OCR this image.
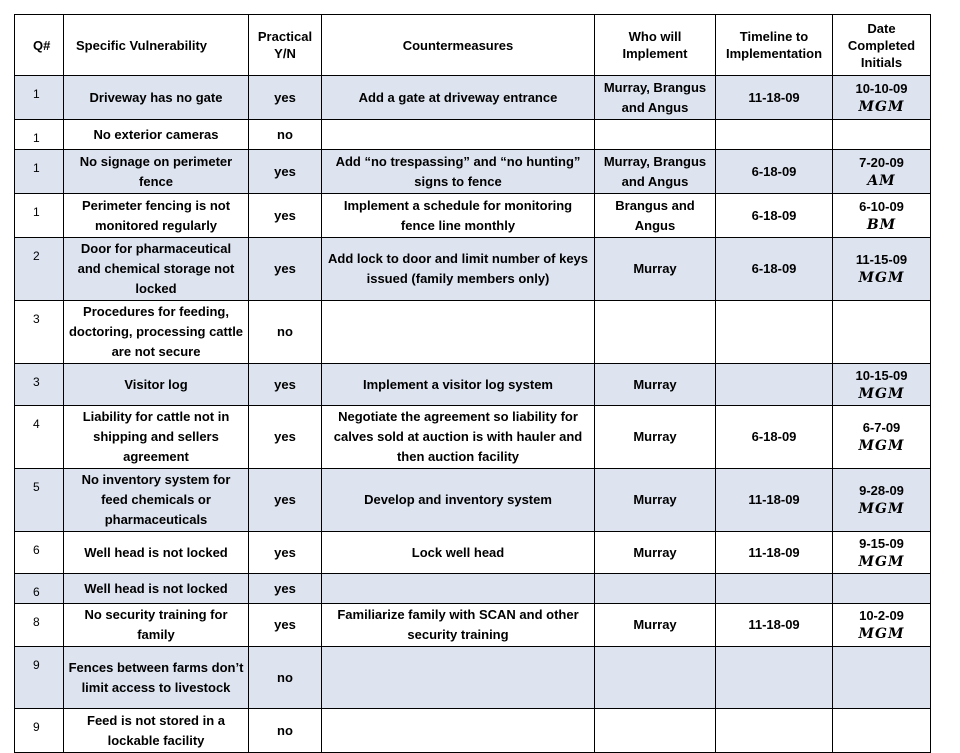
Q#	Specific Vulnerability	Practical Y/N	Countermeasures	Who will Implement	Timeline to Implementation	Date Completed Initials
1	Driveway has no gate	yes	Add a gate at driveway entrance	Murray, Brangus and Angus	11-18-09	10-10-09
MGM

1	No exterior cameras	no				

1	No signage on perimeter fence	yes	Add “no trespassing” and “no hunting” signs to fence	Murray, Brangus and Angus	6-18-09	7-20-09
AM

1	Perimeter fencing is not monitored regularly	yes	Implement a schedule for monitoring fence line monthly	Brangus and Angus	6-18-09	6-10-09
BM

2	Door for pharmaceutical and chemical storage not locked	yes	Add lock to door and limit number of keys issued (family members only)	Murray	6-18-09	11-15-09
MGM

3	Procedures for feeding, doctoring, processing cattle are not secure	no				

3	Visitor log	yes	Implement a visitor log system	Murray		10-15-09
MGM

4	Liability for cattle not in shipping and sellers agreement	yes	Negotiate the agreement so liability for calves sold at auction is with hauler and then auction facility	Murray	6-18-09	6-7-09
MGM

5	No inventory system for feed chemicals or pharmaceuticals	yes	Develop and inventory system	Murray	11-18-09	9-28-09
MGM

6	Well head is not locked	yes	Lock well head	Murray	11-18-09	9-15-09
MGM

6	Well head is not locked	yes				

8	No security training for family	yes	Familiarize family with SCAN and other security training	Murray	11-18-09	10-2-09
MGM

9	Fences between farms don’t limit access to livestock	no				

9	Feed is not stored in a lockable facility	no				
